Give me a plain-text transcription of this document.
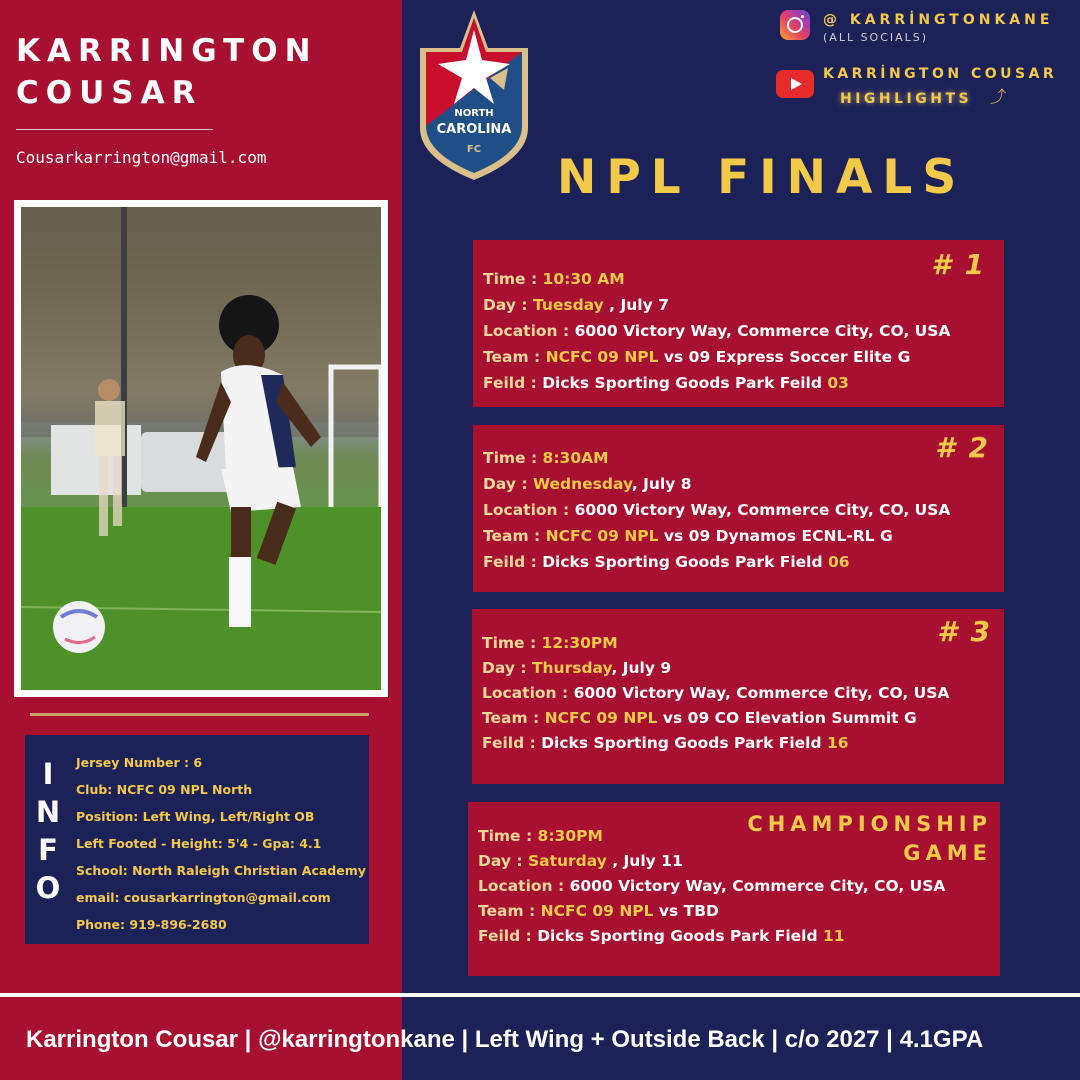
KARRINGTON
COUSAR
Cousarkarrington@gmail.com
I
N
F
O
Jersey Number : 6
Club: NCFC 09 NPL North
Position: Left Wing, Left/Right OB
Left Footed - Height: 5'4 - Gpa: 4.1
School: North Raleigh Christian Academy
email: cousarkarrington@gmail.com
Phone: 919-896-2680
NORTH
CAROLINA
FC
@ KARRİNGTONKANE
(ALL SOCIALS)
KARRİNGTON COUSAR
HIGHLIGHTS ⤴
NPL FINALS
# 1
Time : 10:30 AM
Day : Tuesday , July 7
Location : 6000 Victory Way, Commerce City, CO, USA
Team : NCFC 09 NPL vs 09 Express Soccer Elite G
Feild : Dicks Sporting Goods Park Feild 03
# 2
Time : 8:30AM
Day : Wednesday, July 8
Location : 6000 Victory Way, Commerce City, CO, USA
Team : NCFC 09 NPL vs 09 Dynamos ECNL-RL G
Feild : Dicks Sporting Goods Park Field 06
# 3
Time : 12:30PM
Day : Thursday, July 9
Location : 6000 Victory Way, Commerce City, CO, USA
Team : NCFC 09 NPL vs 09 CO Elevation Summit G
Feild : Dicks Sporting Goods Park Field 16
CHAMPIONSHIP
GAME
Time : 8:30PM
Day : Saturday , July 11
Location : 6000 Victory Way, Commerce City, CO, USA
Team : NCFC 09 NPL vs TBD
Feild : Dicks Sporting Goods Park Field 11
Karrington Cousar | @karringtonkane | Left Wing + Outside Back | c/o 2027 | 4.1GPA
